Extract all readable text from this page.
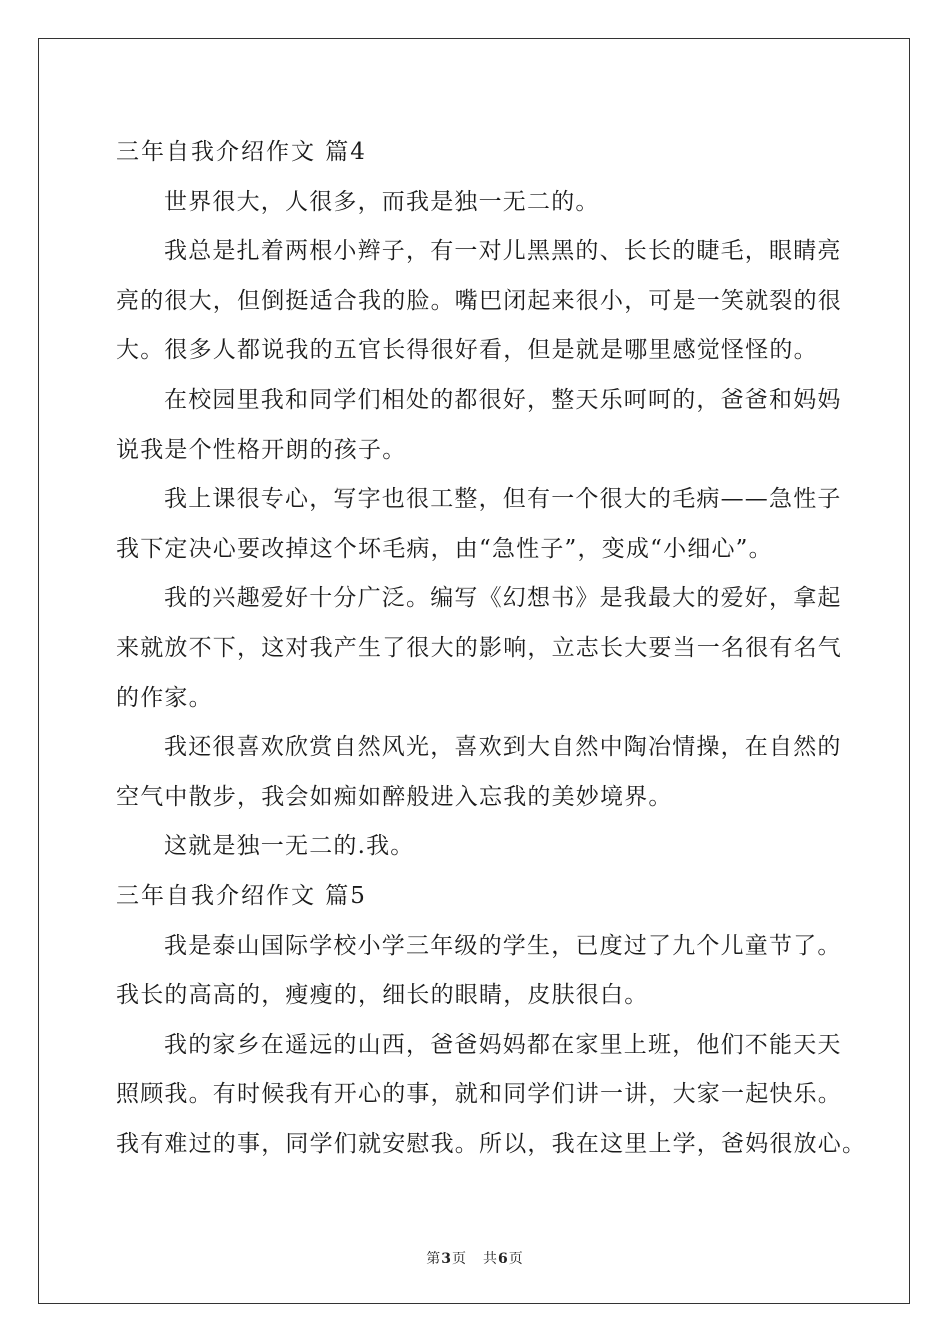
三年自我介绍作文 篇4
世界很大，人很多，而我是独一无二的。
我总是扎着两根小辫子，有一对儿黑黑的、长长的睫毛，眼睛亮
亮的很大，但倒挺适合我的脸。嘴巴闭起来很小，可是一笑就裂的很
大。很多人都说我的五官长得很好看，但是就是哪里感觉怪怪的。
在校园里我和同学们相处的都很好，整天乐呵呵的，爸爸和妈妈
说我是个性格开朗的孩子。
我上课很专心，写字也很工整，但有一个很大的毛病——急性子
我下定决心要改掉这个坏毛病，由“急性子”，变成“小细心”。
我的兴趣爱好十分广泛。编写《幻想书》是我最大的爱好，拿起
来就放不下，这对我产生了很大的影响，立志长大要当一名很有名气
的作家。
我还很喜欢欣赏自然风光，喜欢到大自然中陶冶情操，在自然的
空气中散步，我会如痴如醉般进入忘我的美妙境界。
这就是独一无二的.我。
三年自我介绍作文 篇5
我是泰山国际学校小学三年级的学生，已度过了九个儿童节了。
我长的高高的，瘦瘦的，细长的眼睛，皮肤很白。
我的家乡在遥远的山西，爸爸妈妈都在家里上班，他们不能天天
照顾我。有时候我有开心的事，就和同学们讲一讲，大家一起快乐。
我有难过的事，同学们就安慰我。所以，我在这里上学，爸妈很放心。
第3页 共6页
